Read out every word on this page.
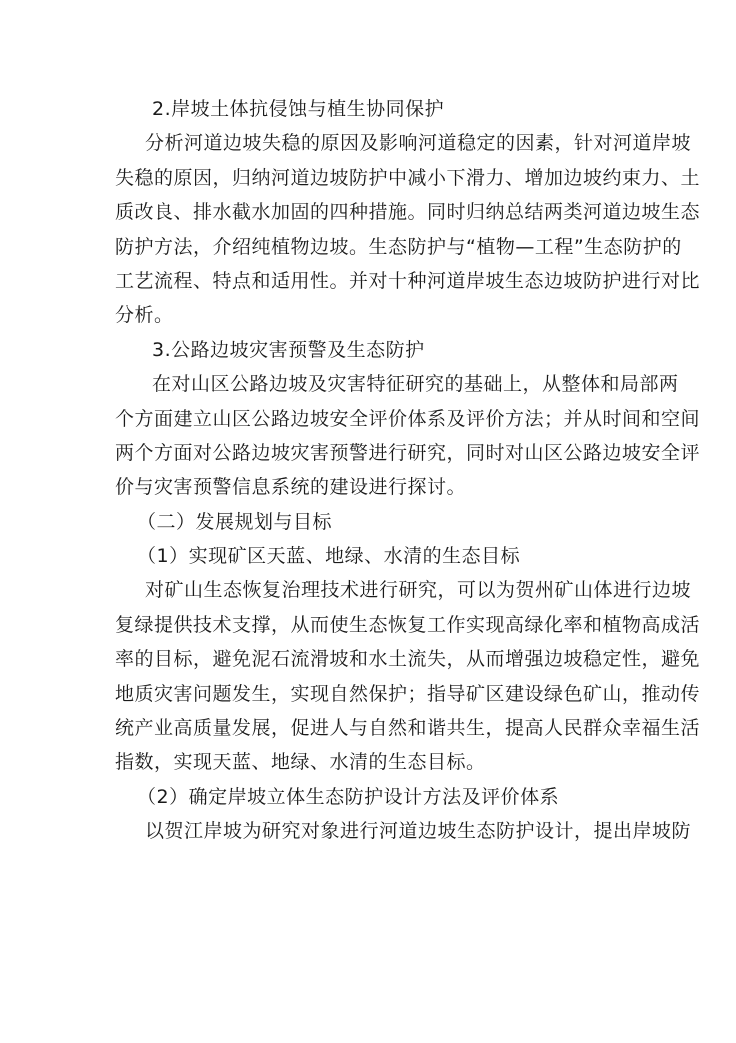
2.岸坡土体抗侵蚀与植生协同保护
分析河道边坡失稳的原因及影响河道稳定的因素，针对河道岸坡
失稳的原因，归纳河道边坡防护中减小下滑力、增加边坡约束力、土
质改良、排水截水加固的四种措施。同时归纳总结两类河道边坡生态
防护方法，介绍纯植物边坡。生态防护与“植物—工程”生态防护的
工艺流程、特点和适用性。并对十种河道岸坡生态边坡防护进行对比
分析。
3.公路边坡灾害预警及生态防护
在对山区公路边坡及灾害特征研究的基础上，从整体和局部两
个方面建立山区公路边坡安全评价体系及评价方法；并从时间和空间
两个方面对公路边坡灾害预警进行研究，同时对山区公路边坡安全评
价与灾害预警信息系统的建设进行探讨。
（二）发展规划与目标
（1）实现矿区天蓝、地绿、水清的生态目标
对矿山生态恢复治理技术进行研究，可以为贺州矿山体进行边坡
复绿提供技术支撑，从而使生态恢复工作实现高绿化率和植物高成活
率的目标，避免泥石流滑坡和水土流失，从而增强边坡稳定性，避免
地质灾害问题发生，实现自然保护；指导矿区建设绿色矿山，推动传
统产业高质量发展，促进人与自然和谐共生，提高人民群众幸福生活
指数，实现天蓝、地绿、水清的生态目标。
（2）确定岸坡立体生态防护设计方法及评价体系
以贺江岸坡为研究对象进行河道边坡生态防护设计，提出岸坡防
